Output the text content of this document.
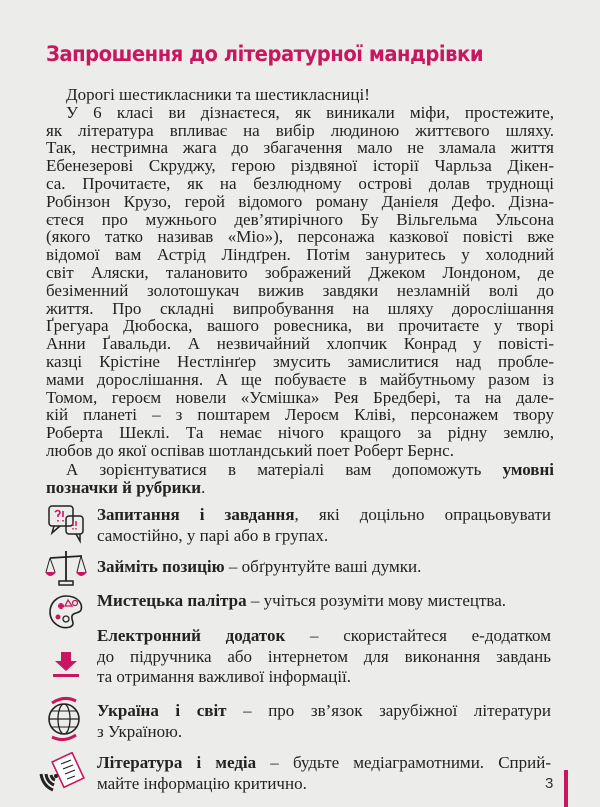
Запрошення до літературної мандрівки
Дорогі шестикласники та шестикласниці!
У 6 класі ви дізнаєтеся, як виникали міфи, простежите,
як література впливає на вибір людиною життєвого шляху.
Так, нестримна жага до збагачення мало не зламала життя
Ебенезерові Скруджу, герою різдвяної історії Чарльза Дікен-
са. Прочитаєте, як на безлюдному острові долав труднощі
Робінзон Крузо, герой відомого роману Даніеля Дефо. Дізна-
єтеся про мужнього дев’ятирічного Бу Вільгельма Ульсона
(якого татко називав «Міо»), персонажа казкової повісті вже
відомої вам Астрід Ліндґрен. Потім зануритесь у холодний
світ Аляски, талановито зображений Джеком Лондоном, де
безіменний золотошукач вижив завдяки незламній волі до
життя. Про складні випробування на шляху дорослішання
Ґрегуара Дюбоска, вашого ровесника, ви прочитаєте у творі
Анни Ґавальди. А незвичайний хлопчик Конрад у повісті-
казці Крістіне Нестлінґер змусить замислитися над пробле-
мами дорослішання. А ще побуваєте в майбутньому разом із
Томом, героєм новели «Усмішка» Рея Бредбері, та на дале-
кій планеті – з поштарем Лероєм Кліві, персонажем твору
Роберта Шеклі. Та немає нічого кращого за рідну землю,
любов до якої оспівав шотландський поет Роберт Бернс.
А зорієнтуватися в матеріалі вам допоможуть умовні
позначки й рубрики.
Запитання і завдання, які доцільно опрацьовувати
самостійно, у парі або в групах.
Займіть позицію – обґрунтуйте ваші думки.
Мистецька палітра – учіться розуміти мову мистецтва.
Електронний додаток – скористайтеся е-додатком
до підручника або інтернетом для виконання завдань
та отримання важливої інформації.
Україна і світ – про зв’язок зарубіжної літератури
з Україною.
Література і медіа – будьте медіаграмотними. Сприй-
майте інформацію критично.	3
